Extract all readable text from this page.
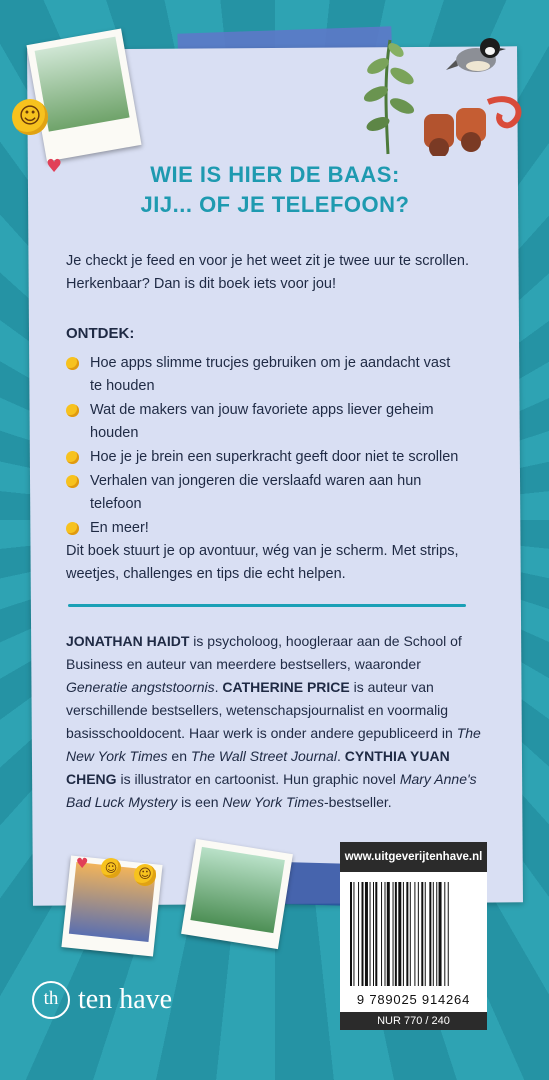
☺
♥	WIE IS HIER DE BAAS:
JIJ... OF JE TELEFOON?
Je checkt je feed en voor je het weet zit je twee uur te scrollen.
Herkenbaar? Dan is dit boek iets voor jou!
ONTDEK:
Hoe apps slimme trucjes gebruiken om je aandacht vast
te houden
Wat de makers van jouw favoriete apps liever geheim houden
Hoe je je brein een superkracht geeft door niet te scrollen
Verhalen van jongeren die verslaafd waren aan hun telefoon
En meer!
Dit boek stuurt je op avontuur, wég van je scherm. Met strips,
weetjes, challenges en tips die echt helpen.
JONATHAN HAIDT is psycholoog, hoogleraar aan de School of Business en auteur van meerdere bestsellers, waaronder Generatie angststoornis. CATHERINE PRICE is auteur van verschillende bestsellers, wetenschapsjournalist en voormalig basisschooldocent. Haar werk is onder andere gepubliceerd in The New York Times en The Wall Street Journal. CYNTHIA YUAN CHENG is illustrator en cartoonist. Hun graphic novel Mary Anne's Bad Luck Mystery is een New York Times-bestseller.
♥	☺	☺
th ten have
www.uitgeverijtenhave.nl
9 789025 914264
NUR 770 / 240
